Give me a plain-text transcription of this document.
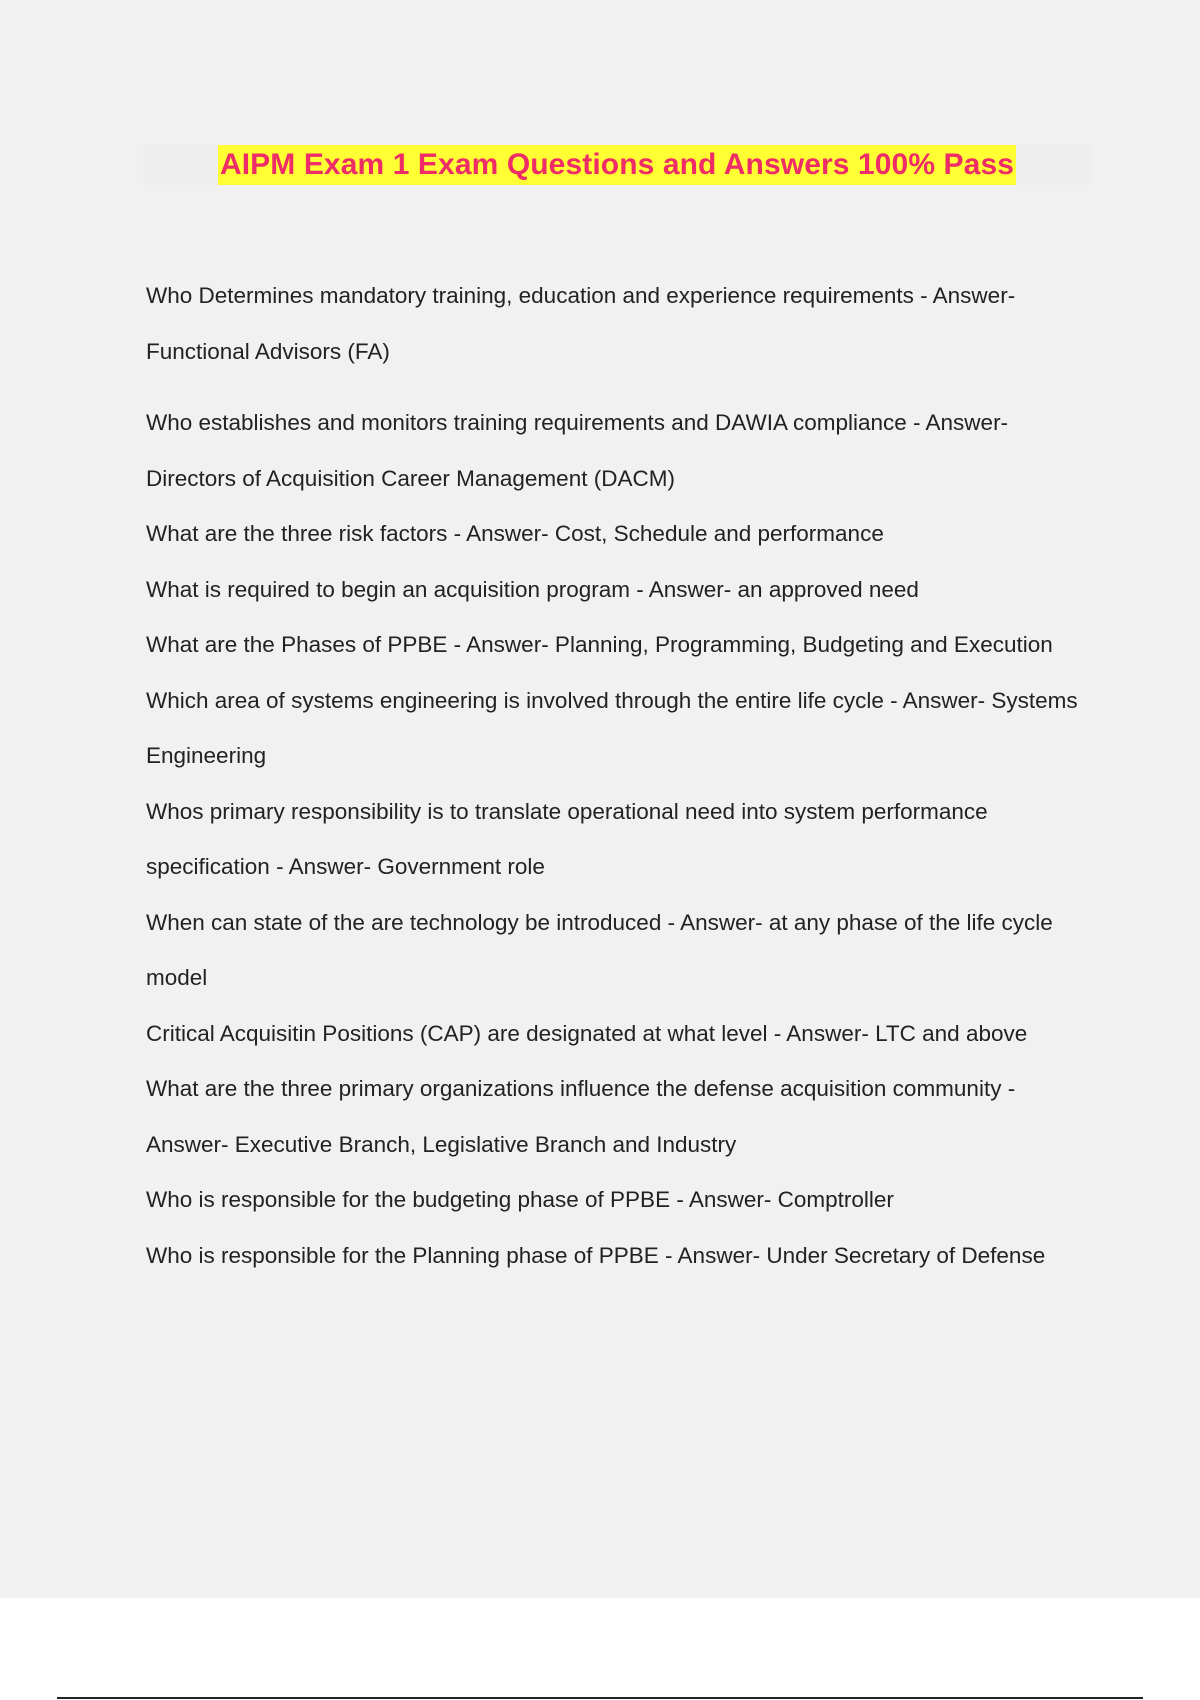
AIPM Exam 1 Exam Questions and Answers 100% Pass
Who Determines mandatory training, education and experience requirements - Answer- Functional Advisors (FA)
Who establishes and monitors training requirements and DAWIA compliance - Answer- Directors of Acquisition Career Management (DACM)
What are the three risk factors - Answer- Cost, Schedule and performance
What is required to begin an acquisition program - Answer- an approved need
What are the Phases of PPBE - Answer- Planning, Programming, Budgeting and Execution
Which area of systems engineering is involved through the entire life cycle - Answer- Systems Engineering
Whos primary responsibility is to translate operational need into system performance specification - Answer- Government role
When can state of the are technology be introduced - Answer- at any phase of the life cycle model
Critical Acquisitin Positions (CAP) are designated at what level - Answer- LTC and above
What are the three primary organizations influence the defense acquisition community - Answer- Executive Branch, Legislative Branch and Industry
Who is responsible for the budgeting phase of PPBE - Answer- Comptroller
Who is responsible for the Planning phase of PPBE - Answer- Under Secretary of Defense
